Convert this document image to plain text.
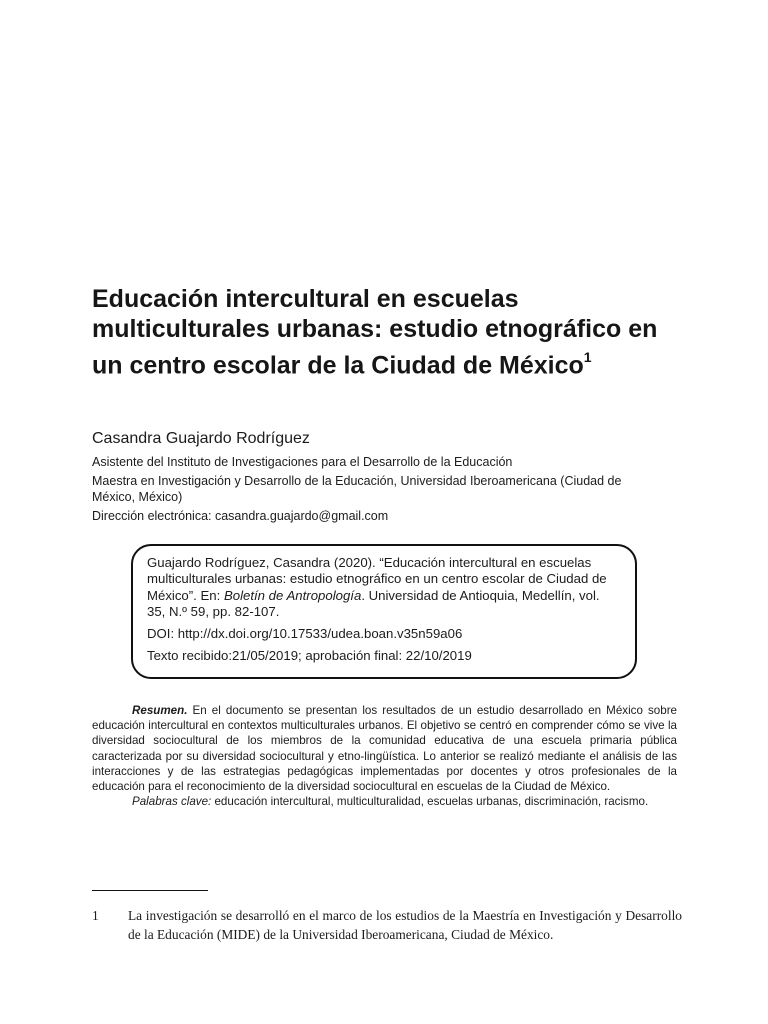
Educación intercultural en escuelas multiculturales urbanas: estudio etnográfico en un centro escolar de la Ciudad de México$^1$

Casandra Guajardo Rodríguez

Asistente del Instituto de Investigaciones para el Desarrollo de la Educación

Maestra en Investigación y Desarrollo de la Educación, Universidad Iberoamericana (Ciudad de México, México)

Dirección electrónica: casandra.guajardo@gmail.com

Guajardo Rodríguez, Casandra (2020). “Educación intercultural en escuelas multiculturales urbanas: estudio etnográfico en un centro escolar de Ciudad de México”. En: Boletín de Antropología. Universidad de Antioquia, Medellín, vol. 35, N.º 59, pp. 82-107.

DOI: http://dx.doi.org/10.17533/udea.boan.v35n59a06

Texto recibido:21/05/2019; aprobación final: 22/10/2019

Resumen. En el documento se presentan los resultados de un estudio desarrollado en México sobre educación intercultural en contextos multiculturales urbanos. El objetivo se centró en comprender cómo se vive la diversidad sociocultural de los miembros de la comunidad educativa de una escuela primaria pública caracterizada por su diversidad sociocultural y etno-lingüística. Lo anterior se realizó mediante el análisis de las interacciones y de las estrategias pedagógicas implementadas por docentes y otros profesionales de la educación para el reconocimiento de la diversidad sociocultural en escuelas de la Ciudad de México.

Palabras clave: educación intercultural, multiculturalidad, escuelas urbanas, discriminación, racismo.

1 La investigación se desarrolló en el marco de los estudios de la Maestría en Investigación y Desarrollo de la Educación (MIDE) de la Universidad Iberoamericana, Ciudad de México.
